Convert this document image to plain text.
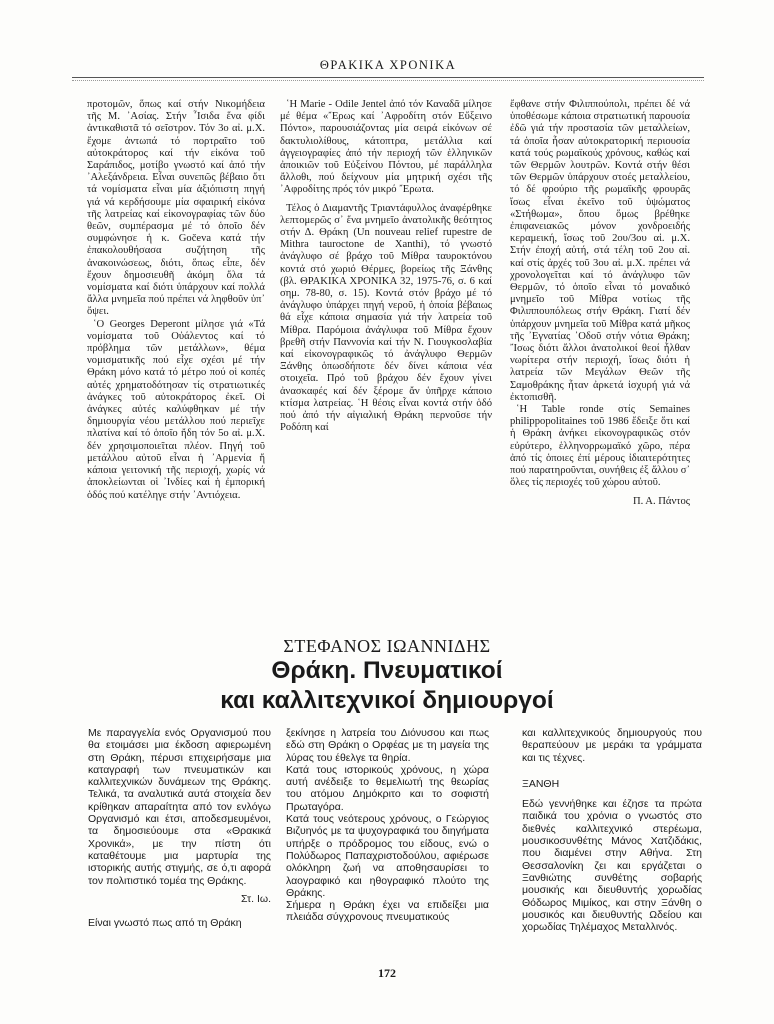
ΘΡΑΚΙΚΑ ΧΡΟΝΙΚΑ

προτομῶν, ὅπως καί στήν Νικομήδεια τῆς Μ. ᾿Ασίας. Στήν ῏Ισιδα ἕνα φίδι ἀντικαθιστᾶ τό σεῖστρον. Τόν 3ο αἰ. μ.Χ. ἔχομε ἀντωπά τό πορτραῖτο τοῦ αὐτοκράτορος καί τήν εἰκόνα τοῦ Σαράπιδος, μοτίβο γνωστό καί ἀπό τήν ᾿Αλεξάνδρεια. Εἶναι συνεπῶς βέβαιο ὅτι τά νομίσματα εἶναι μία ἀξιόπιστη πηγή γιά νά κερδήσουμε μία σφαιρική εἰκόνα τῆς λατρείας καί εἰκονογραφίας τῶν δύο θεῶν, συμπέρασμα μέ τό ὁποῖο δέν συμφώνησε ἡ κ. Gočeva κατά τήν ἐπακολουθήσασα συζήτηση τῆς ἀνακοινώσεως, διότι, ὅπως εἶπε, δέν ἔχουν δημοσιευθῆ ἀκόμη ὅλα τά νομίσματα καί διότι ὑπάρχουν καί πολλά ἄλλα μνημεῖα πού πρέπει νά ληφθοῦν ὑπ᾿ ὄψει.

῾Ο Georges Deperont μίλησε γιά «Τά νομίσματα τοῦ Οὐάλεντος καί τό πρόβλημα τῶν μετάλλων», θέμα νομισματικῆς πού εἶχε σχέσι μέ τήν Θράκη μόνο κατά τό μέτρο πού οἱ κοπές αὐτές χρηματοδότησαν τίς στρατιωτικές ἀνάγκες τοῦ αὐτοκράτορος ἐκεῖ. Οἱ ἀνάγκες αὐτές καλύφθηκαν μέ τήν δημιουργία νέου μετάλλου πού περιεῖχε πλατίνα καί τό ὁποῖο ἤδη τόν 5ο αἰ. μ.Χ. δέν χρησιμοποιεῖται πλέον. Πηγή τοῦ μετάλλου αὐτοῦ εἶναι ἡ ᾿Αρμενία ἤ κάποια γειτονική τῆς περιοχή, χωρίς νά ἀποκλείωνται οἱ ᾿Ινδίες καί ἡ ἐμπορική ὁδός πού κατέληγε στήν ᾿Αντιόχεια.

῾Η Marie - Odile Jentel ἀπό τόν Καναδᾶ μίλησε μέ θέμα «῎Ερως καί ᾿Αφροδίτη στόν Εὔξεινο Πόντο», παρουσιάζοντας μία σειρά εἰκόνων σέ δακτυλιολίθους, κάτοπτρα, μετάλλια καί ἀγγειογραφίες ἀπό τήν περιοχή τῶν ἑλληνικῶν ἀποικιῶν τοῦ Εὐξείνου Πόντου, μέ παράλληλα ἄλλοθι, πού δείχνουν μία μητρική σχέσι τῆς ᾿Αφροδίτης πρός τόν μικρό ῎Ερωτα.

Τέλος ὁ Διαμαντῆς Τριαντάφυλλος ἀναφέρθηκε λεπτομερῶς σ᾿ ἕνα μνημεῖο ἀνατολικῆς θεότητος στήν Δ. Θράκη (Un nouveau relief rupestre de Mithra tauroctone de Xanthi), τό γνωστό ἀνάγλυφο σέ βράχο τοῦ Μίθρα ταυροκτόνου κοντά στό χωριό Θέρμες, βορείως τῆς Ξάνθης (βλ. ΘΡΑΚΙΚΑ ΧΡΟΝΙΚΑ 32, 1975-76, σ. 6 καί σημ. 78-80, σ. 15). Κοντά στόν βράχο μέ τό ἀνάγλυφο ὑπάρχει πηγή νεροῦ, ἡ ὁποία βέβαιως θά εἶχε κάποια σημασία γιά τήν λατρεία τοῦ Μίθρα. Παρόμοια ἀνάγλυφα τοῦ Μίθρα ἔχουν βρεθῆ στήν Παννονία καί τήν Ν. Γιουγκοσλαβία καί εἰκονογραφικῶς τό ἀνάγλυφο Θερμῶν Ξάνθης ὁπωσδήποτε δέν δίνει κάποια νέα στοιχεῖα. Πρό τοῦ βράχου δέν ἔχουν γίνει ἀνασκαφές καί δέν ξέρομε ἄν ὑπῆρχε κάποιο κτίσμα λατρείας. ῾Η θέσις εἶναι κοντά στήν ὁδό πού ἀπό τήν αἰγιαλική Θράκη περνοῦσε τήν Ροδόπη καί

ἔφθανε στήν Φιλιππούπολι, πρέπει δέ νά ὑποθέσωμε κάποια στρατιωτική παρουσία ἐδῶ γιά τήν προστασία τῶν μεταλλείων, τά ὁποῖα ἦσαν αὐτοκρατορική περιουσία κατά τούς ρωμαϊκούς χρόνους, καθώς καί τῶν Θερμῶν λουτρῶν. Κοντά στήν θέσι τῶν Θερμῶν ὑπάρχουν στοές μεταλλείου, τό δέ φρούριο τῆς ρωμαϊκῆς φρουρᾶς ἴσως εἶναι ἐκεῖνο τοῦ ὑψώματος «Στήθωμα», ὅπου ὅμως βρέθηκε ἐπιφανειακῶς μόνον χονδροειδής κεραμεική, ἴσως τοῦ 2ου/3ου αἰ. μ.Χ. Στήν ἐποχή αὐτή, στά τέλη τοῦ 2ου αἰ. καί στίς ἀρχές τοῦ 3ου αἰ. μ.Χ. πρέπει νά χρονολογεῖται καί τό ἀνάγλυφο τῶν Θερμῶν, τό ὁποῖο εἶναι τό μοναδικό μνημεῖο τοῦ Μίθρα νοτίως τῆς Φιλιππουπόλεως στήν Θράκη. Γιατί δέν ὑπάρχουν μνημεῖα τοῦ Μίθρα κατά μῆκος τῆς ᾿Εγνατίας ᾿Οδοῦ στήν νότια Θράκη; ῎Ισως διότι ἄλλοι ἀνατολικοί θεοί ἦλθαν νωρίτερα στήν περιοχή, ἴσως διότι ἡ λατρεία τῶν Μεγάλων Θεῶν τῆς Σαμοθράκης ἦταν ἀρκετά ἰσχυρή γιά νά ἐκτοπισθῆ.

῾Η Table ronde στίς Semaines philippopolitaines τοῦ 1986 ἔδειξε ὅτι καί ἡ Θράκη ἀνήκει εἰκονογραφικῶς στόν εὐρύτερο, ἑλληνορρωμαϊκό χῶρο, πέρα ἀπό τίς ὁποιες ἐπί μέρους ἰδιαιτερότητες πού παρατηροῦνται, συνήθεις ἐξ ἄλλου σ᾿ ὅλες τίς περιοχές τοῦ χώρου αὐτοῦ.

Π. Α. Πάντος

ΣΤΕΦΑΝΟΣ ΙΩΑΝΝΙΔΗΣ
Θράκη. Πνευματικοί
και καλλιτεχνικοί δημιουργοί

Με παραγγελία ενός Οργανισμού που θα ετοιμάσει μια έκδοση αφιερωμένη στη Θράκη, πέρυσι επιχειρήσαμε μια καταγραφή των πνευματικών και καλλιτεχνικών δυνάμεων της Θράκης. Τελικά, τα αναλυτικά αυτά στοιχεία δεν κρίθηκαν απαραίτητα από τον ενλόγω Οργανισμό και έτσι, αποδεσμευμένοι, τα δημοσιεύουμε στα «Θρακικά Χρονικά», με την πίστη ότι καταθέτουμε μια μαρτυρία της ιστορικής αυτής στιγμής, σε ό,τι αφορά τον πολιτιστικό τομέα της Θράκης.

Στ. Ιω.

Είναι γνωστό πως από τη Θράκη

ξεκίνησε η λατρεία του Διόνυσου και πως εδώ στη Θράκη ο Ορφέας με τη μαγεία της λύρας του έθελγε τα θηρία.

Κατά τους ιστορικούς χρόνους, η χώρα αυτή ανέδειξε το θεμελιωτή της θεωρίας του ατόμου Δημόκριτο και το σοφιστή Πρωταγόρα.

Κατά τους νεότερους χρόνους, ο Γεώργιος Βιζυηνός με τα ψυχογραφικά του διηγήματα υπήρξε ο πρόδρομος του είδους, ενώ ο Πολύδωρος Παπαχριστοδούλου, αφιέρωσε ολόκληρη ζωή να αποθησαυρίσει το λαογραφικό και ηθογραφικό πλούτο της Θράκης.

Σήμερα η Θράκη έχει να επιδείξει μια πλειάδα σύγχρονους πνευματικούς

και καλλιτεχνικούς δημιουργούς που θεραπεύουν με μεράκι τα γράμματα και τις τέχνες.

ΞΑΝΘΗ

Εδώ γεννήθηκε και έζησε τα πρώτα παιδικά του χρόνια ο γνωστός στο διεθνές καλλιτεχνικό στερέωμα, μουσικοσυνθέτης Μάνος Χατζιδάκις, που διαμένει στην Αθήνα. Στη Θεσσαλονίκη ζει και εργάζεται ο Ξανθιώτης συνθέτης σοβαρής μουσικής και διευθυντής χορωδίας Θόδωρος Μιμίκος, και στην Ξάνθη ο μουσικός και διευθυντής Ωδείου και χορωδίας Τηλέμαχος Μεταλλινός.

172
